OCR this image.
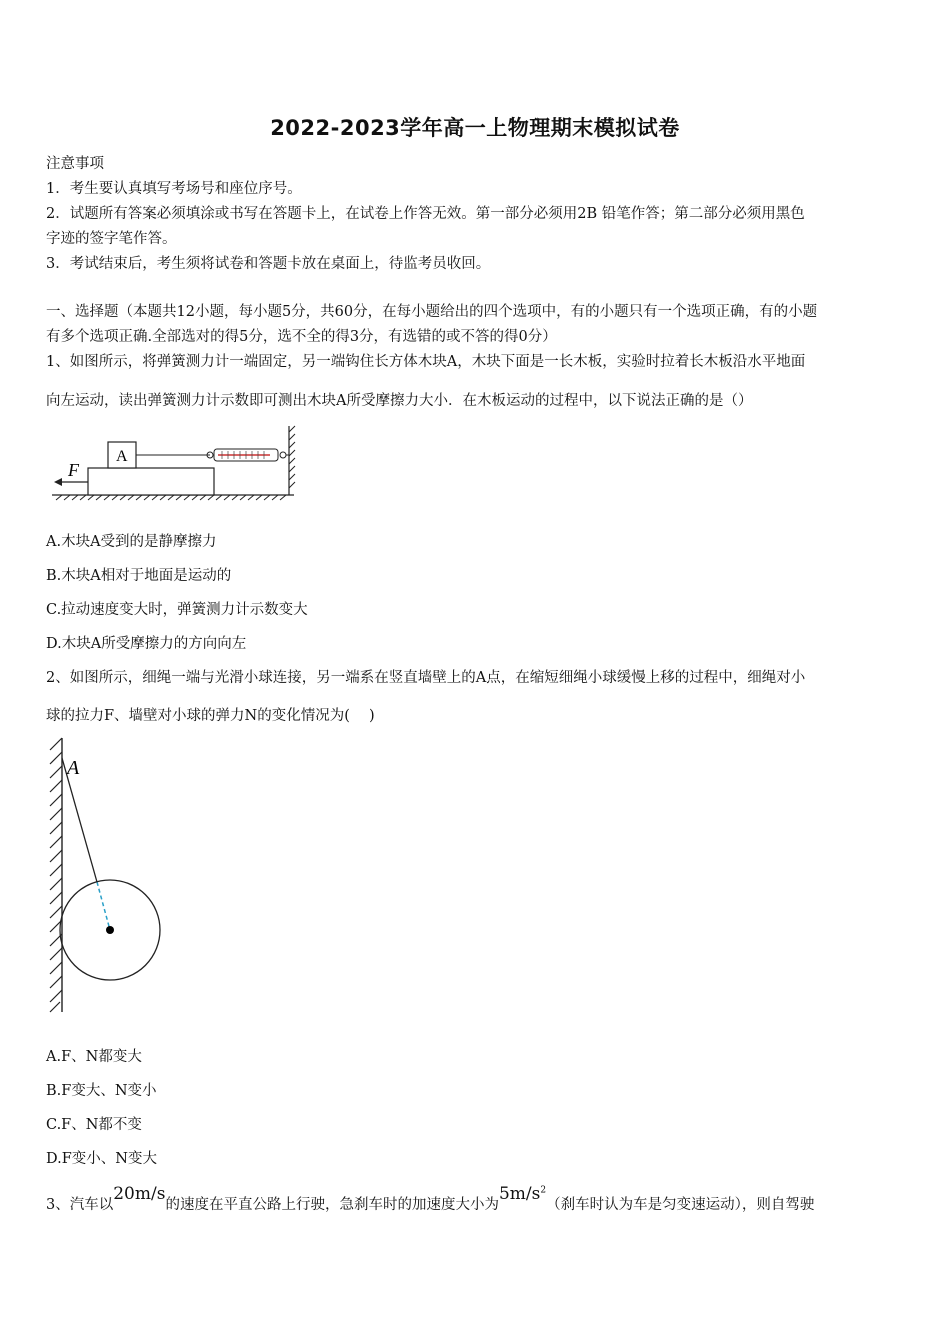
2022-2023学年高一上物理期末模拟试卷
注意事项
1．考生要认真填写考场号和座位序号。
2．试题所有答案必须填涂或书写在答题卡上，在试卷上作答无效。第一部分必须用2B 铅笔作答；第二部分必须用黑色
字迹的签字笔作答。
3．考试结束后，考生须将试卷和答题卡放在桌面上，待监考员收回。
一、选择题（本题共12小题，每小题5分，共60分，在每小题给出的四个选项中，有的小题只有一个选项正确，有的小题
有多个选项正确.全部选对的得5分，选不全的得3分，有选错的或不答的得0分）
1、如图所示，将弹簧测力计一端固定，另一端钩住长方体木块A，木块下面是一长木板，实验时拉着长木板沿水平地面
向左运动，读出弹簧测力计示数即可测出木块A所受摩擦力大小．在木板运动的过程中，以下说法正确的是（）
A
F
A.木块A受到的是静摩擦力
B.木块A相对于地面是运动的
C.拉动速度变大时，弹簧测力计示数变大
D.木块A所受摩擦力的方向向左
2、如图所示，细绳一端与光滑小球连接，另一端系在竖直墙壁上的A点，在缩短细绳小球缓慢上移的过程中，细绳对小
球的拉力F、墙壁对小球的弹力N的变化情况为(　 )
A
A.F、N都变大
B.F变大、N变小
C.F、N都不变
D.F变小、N变大
3、汽车以20m/s的速度在平直公路上行驶，急刹车时的加速度大小为$5m/s^2$（刹车时认为车是匀变速运动），则自驾驶
